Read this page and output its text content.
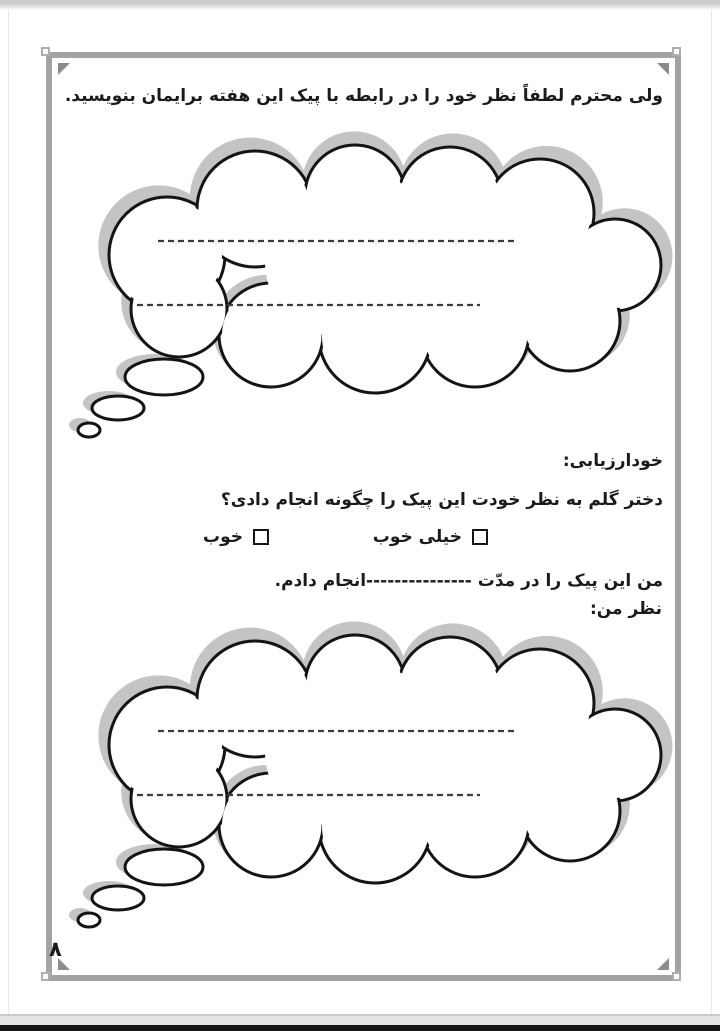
ولی محترم لطفاً نظر خود را در رابطه با پیک این هفته برایمان بنویسید.
خودارزیابی:
دختر گلم به نظر خودت این پیک را چگونه انجام دادی؟
خیلی خوب
خوب
من این پیک را در مدّت ---------------انجام دادم.
نظر من:
۸
